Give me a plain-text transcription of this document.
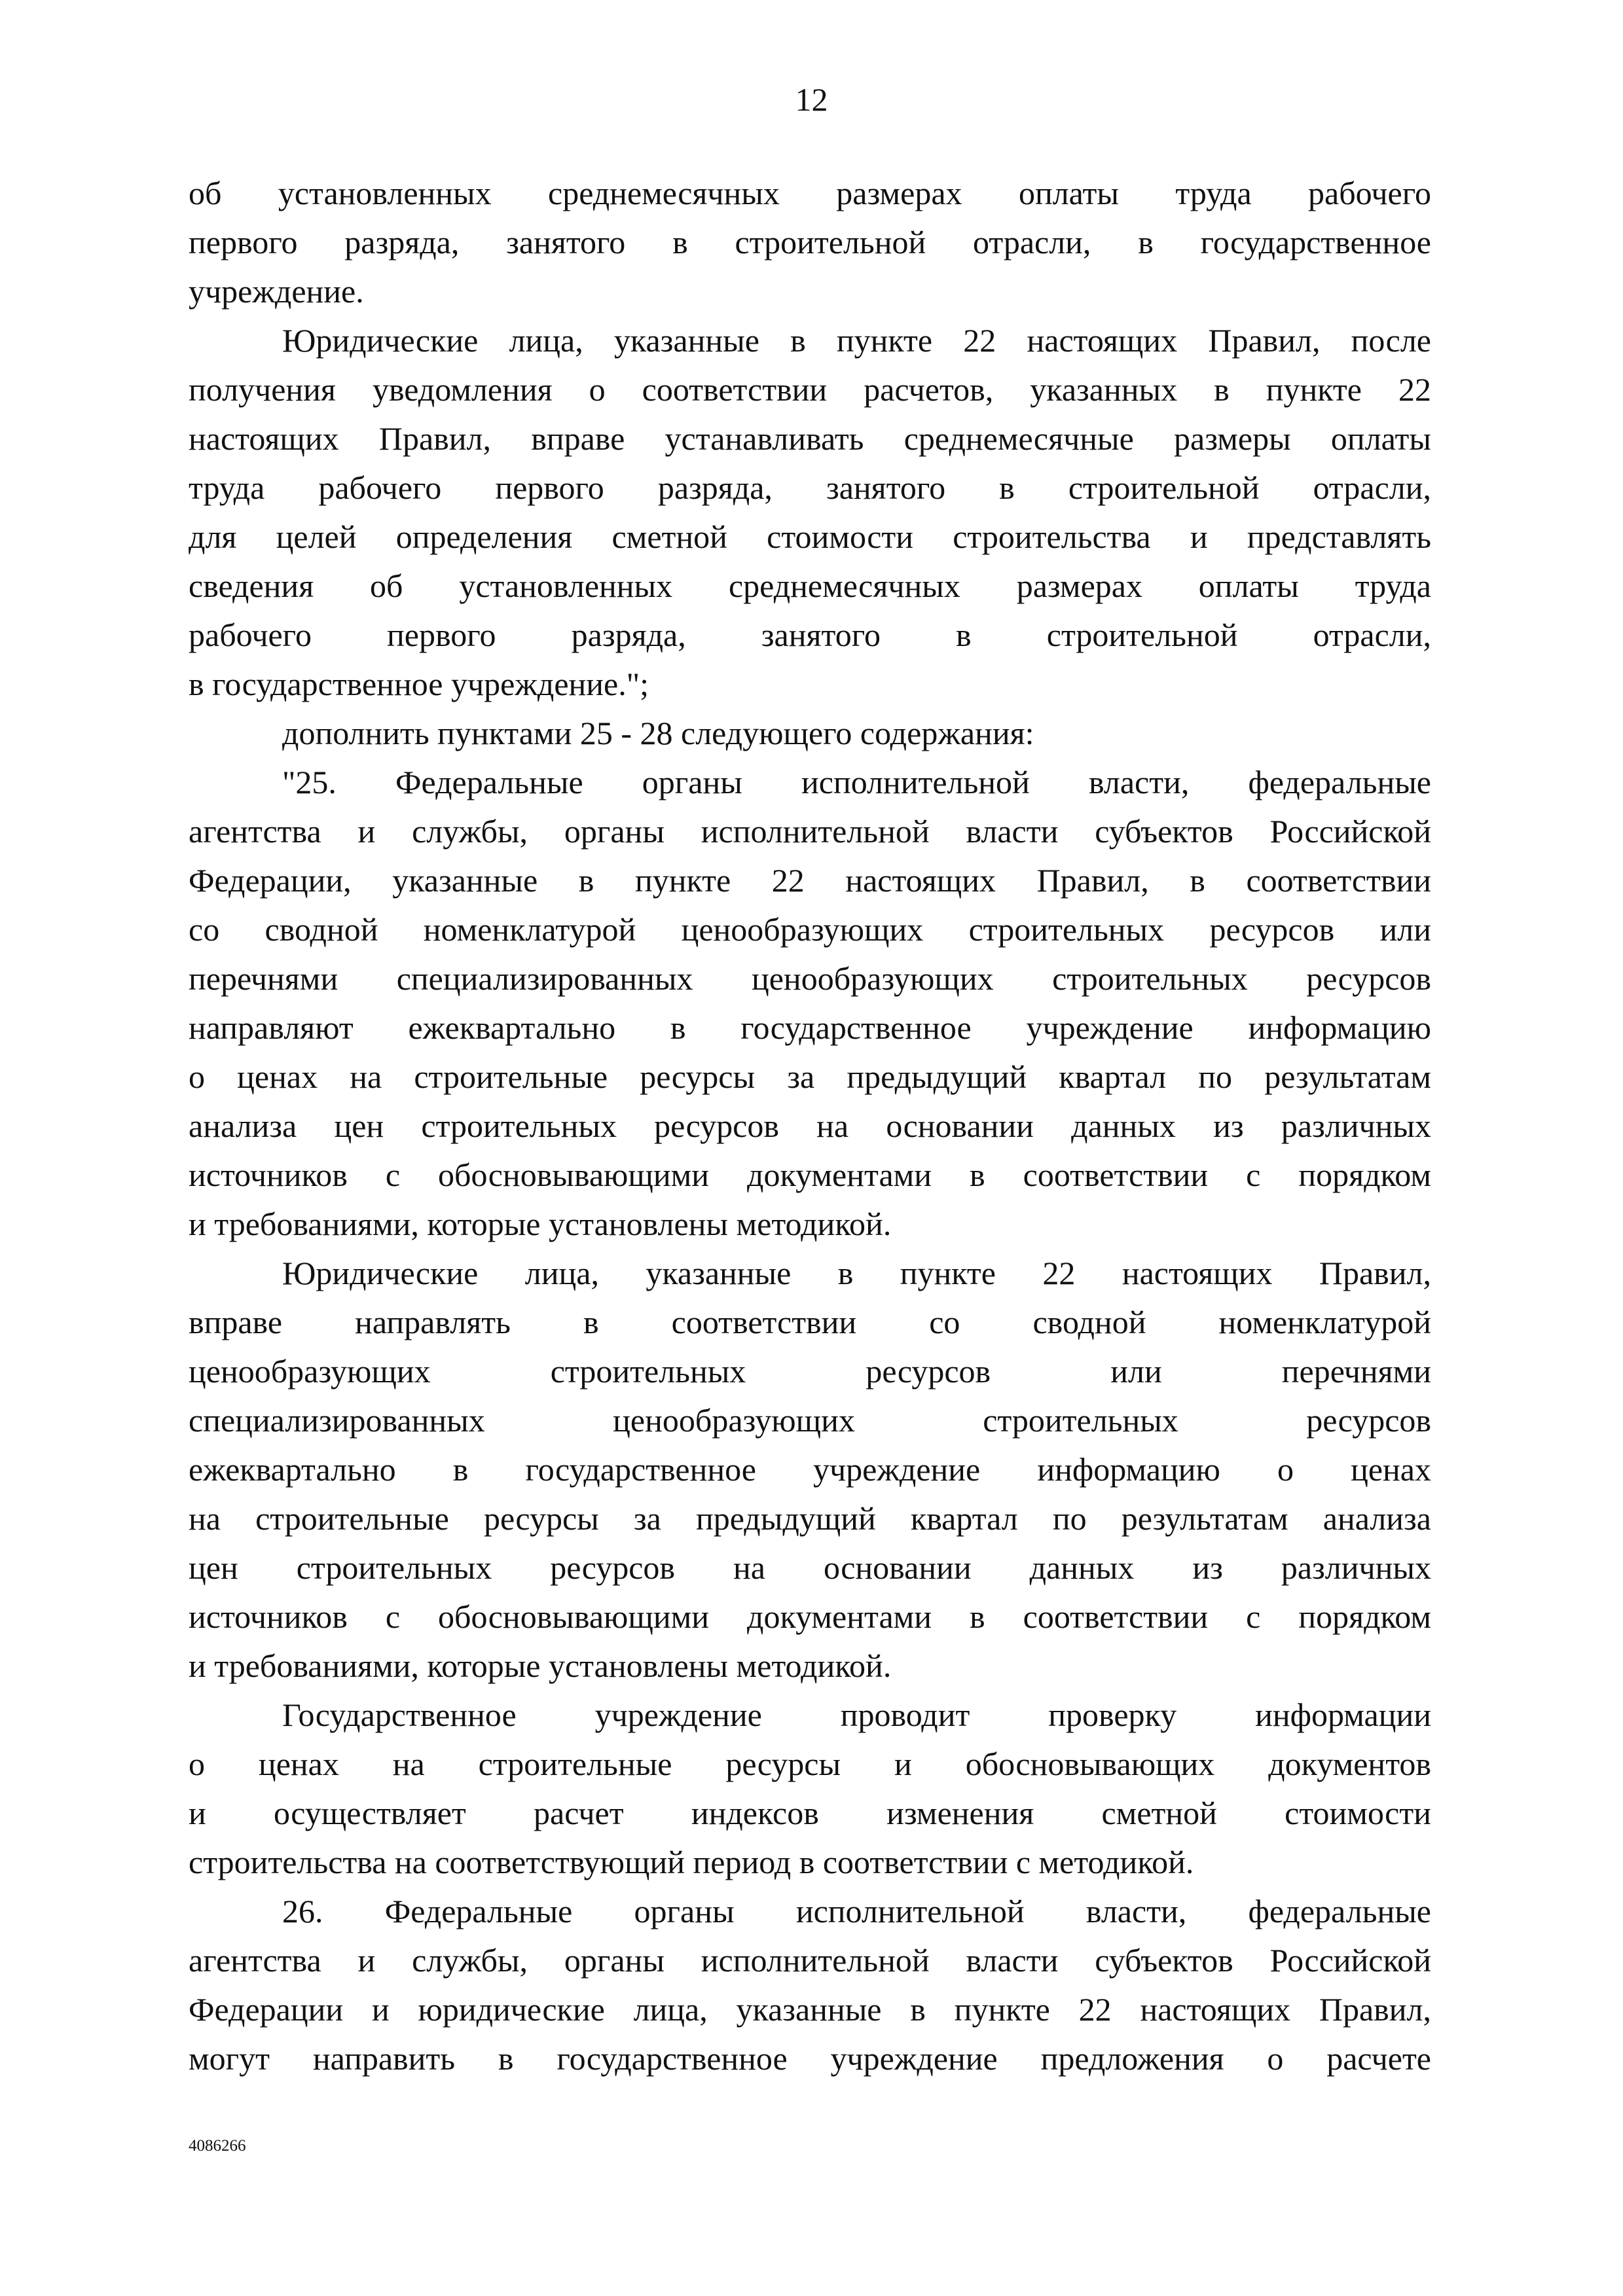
12
об установленных среднемесячных размерах оплаты труда рабочего
первого разряда, занятого в строительной отрасли, в государственное
учреждение.
Юридические лица, указанные в пункте 22 настоящих Правил, после
получения уведомления о соответствии расчетов, указанных в пункте 22
настоящих Правил, вправе устанавливать среднемесячные размеры оплаты
труда рабочего первого разряда, занятого в строительной отрасли,
для целей определения сметной стоимости строительства и представлять
сведения об установленных среднемесячных размерах оплаты труда
рабочего первого разряда, занятого в строительной отрасли,
в государственное учреждение.";
дополнить пунктами 25 - 28 следующего содержания:
"25. Федеральные органы исполнительной власти, федеральные
агентства и службы, органы исполнительной власти субъектов Российской
Федерации, указанные в пункте 22 настоящих Правил, в соответствии
со сводной номенклатурой ценообразующих строительных ресурсов или
перечнями специализированных ценообразующих строительных ресурсов
направляют ежеквартально в государственное учреждение информацию
о ценах на строительные ресурсы за предыдущий квартал по результатам
анализа цен строительных ресурсов на основании данных из различных
источников с обосновывающими документами в соответствии с порядком
и требованиями, которые установлены методикой.
Юридические лица, указанные в пункте 22 настоящих Правил,
вправе направлять в соответствии со сводной номенклатурой
ценообразующих строительных ресурсов или перечнями
специализированных ценообразующих строительных ресурсов
ежеквартально в государственное учреждение информацию о ценах
на строительные ресурсы за предыдущий квартал по результатам анализа
цен строительных ресурсов на основании данных из различных
источников с обосновывающими документами в соответствии с порядком
и требованиями, которые установлены методикой.
Государственное учреждение проводит проверку информации
о ценах на строительные ресурсы и обосновывающих документов
и осуществляет расчет индексов изменения сметной стоимости
строительства на соответствующий период в соответствии с методикой.
26. Федеральные органы исполнительной власти, федеральные
агентства и службы, органы исполнительной власти субъектов Российской
Федерации и юридические лица, указанные в пункте 22 настоящих Правил,
могут направить в государственное учреждение предложения о расчете
4086266
